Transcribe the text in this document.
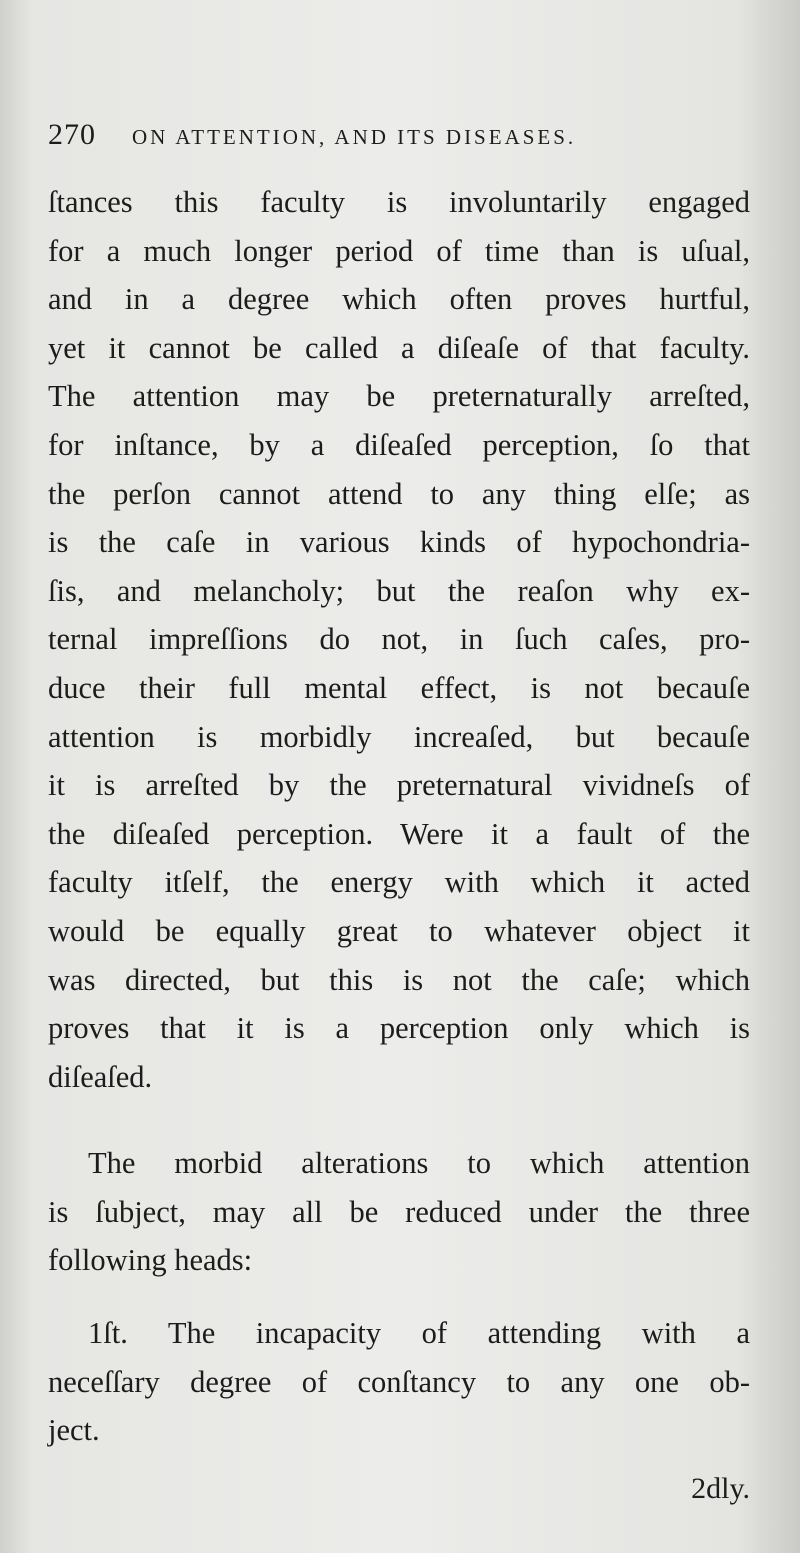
270 ON ATTENTION, AND ITS DISEASES.
ſtances this faculty is involuntarily engaged
for a much longer period of time than is uſual,
and in a degree which often proves hurtful,
yet it cannot be called a diſeaſe of that faculty.
The attention may be preternaturally arreſted,
for inſtance, by a diſeaſed perception, ſo that
the perſon cannot attend to any thing elſe; as
is the caſe in various kinds of hypochondria-
ſis, and melancholy; but the reaſon why ex-
ternal impreſſions do not, in ſuch caſes, pro-
duce their full mental effect, is not becauſe
attention is morbidly increaſed, but becauſe
it is arreſted by the preternatural vividneſs of
the diſeaſed perception. Were it a fault of the
faculty itſelf, the energy with which it acted
would be equally great to whatever object it
was directed, but this is not the caſe; which
proves that it is a perception only which is
diſeaſed.
The morbid alterations to which attention
is ſubject, may all be reduced under the three
following heads:
1ſt. The incapacity of attending with a
neceſſary degree of conſtancy to any one ob-
ject.
2dly.
